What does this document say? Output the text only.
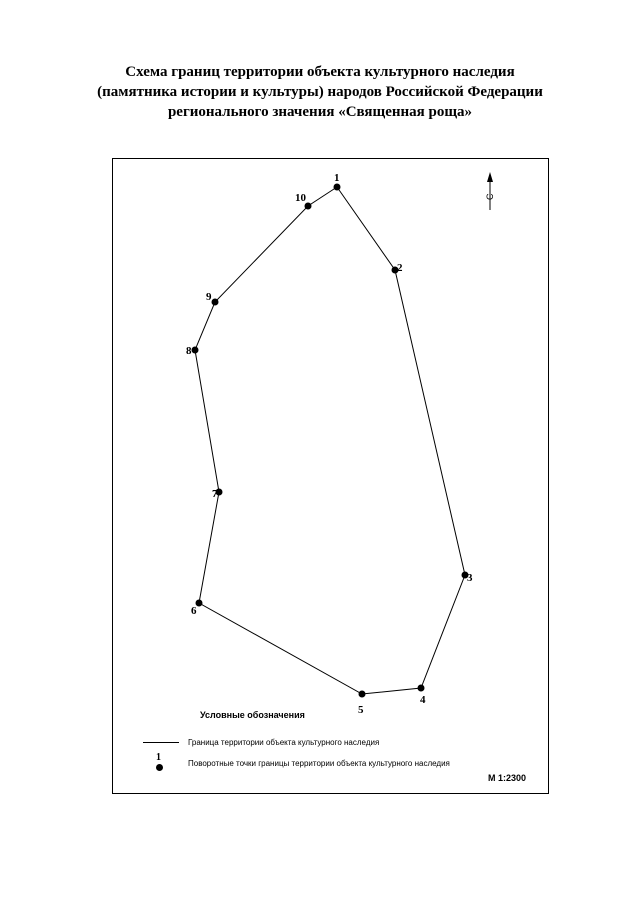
Схема границ территории объекта культурного наследия
(памятника истории и культуры) народов Российской Федерации
регионального значения «Священная роща»
С
1
2
3
4
5
6
7
8
9
10
Условные обозначения
Граница территории объекта культурного наследия
1
Поворотные точки границы территории объекта культурного наследия
М 1:2300
